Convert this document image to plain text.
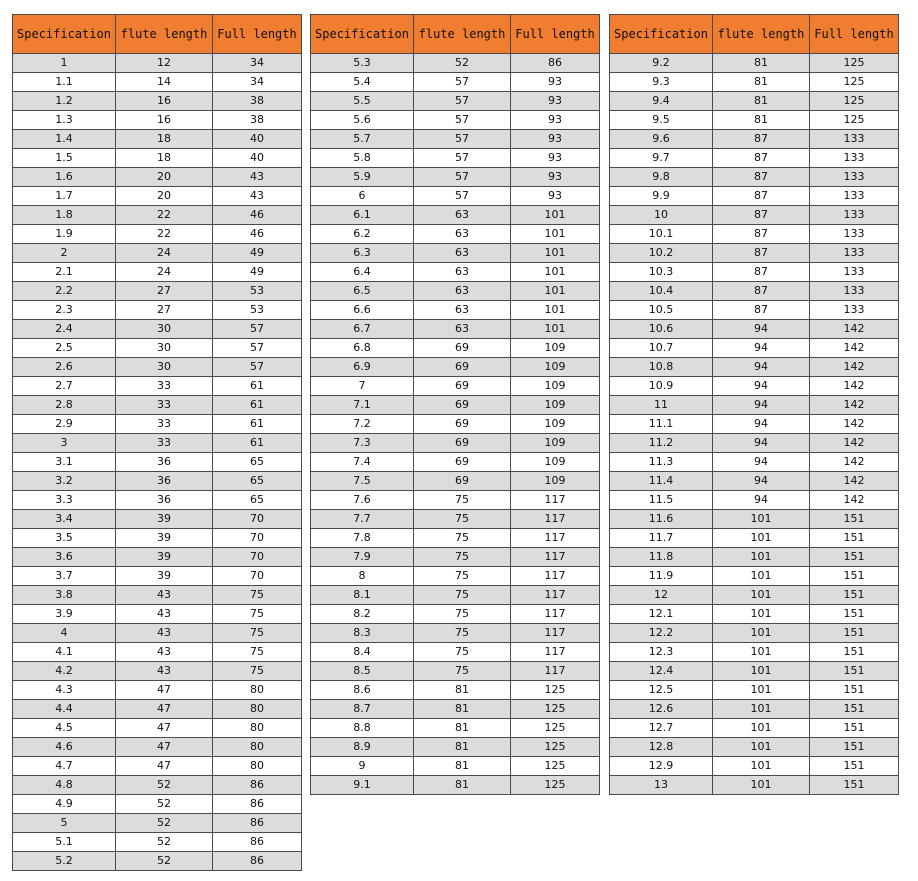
Specification	flute length	Full length
1	12	34
1.1	14	34
1.2	16	38
1.3	16	38
1.4	18	40
1.5	18	40
1.6	20	43
1.7	20	43
1.8	22	46
1.9	22	46
2	24	49
2.1	24	49
2.2	27	53
2.3	27	53
2.4	30	57
2.5	30	57
2.6	30	57
2.7	33	61
2.8	33	61
2.9	33	61
3	33	61
3.1	36	65
3.2	36	65
3.3	36	65
3.4	39	70
3.5	39	70
3.6	39	70
3.7	39	70
3.8	43	75
3.9	43	75
4	43	75
4.1	43	75
4.2	43	75
4.3	47	80
4.4	47	80
4.5	47	80
4.6	47	80
4.7	47	80
4.8	52	86
4.9	52	86
5	52	86
5.1	52	86
5.2	52	86
Specification	flute length	Full length
5.3	52	86
5.4	57	93
5.5	57	93
5.6	57	93
5.7	57	93
5.8	57	93
5.9	57	93
6	57	93
6.1	63	101
6.2	63	101
6.3	63	101
6.4	63	101
6.5	63	101
6.6	63	101
6.7	63	101
6.8	69	109
6.9	69	109
7	69	109
7.1	69	109
7.2	69	109
7.3	69	109
7.4	69	109
7.5	69	109
7.6	75	117
7.7	75	117
7.8	75	117
7.9	75	117
8	75	117
8.1	75	117
8.2	75	117
8.3	75	117
8.4	75	117
8.5	75	117
8.6	81	125
8.7	81	125
8.8	81	125
8.9	81	125
9	81	125
9.1	81	125
Specification	flute length	Full length
9.2	81	125
9.3	81	125
9.4	81	125
9.5	81	125
9.6	87	133
9.7	87	133
9.8	87	133
9.9	87	133
10	87	133
10.1	87	133
10.2	87	133
10.3	87	133
10.4	87	133
10.5	87	133
10.6	94	142
10.7	94	142
10.8	94	142
10.9	94	142
11	94	142
11.1	94	142
11.2	94	142
11.3	94	142
11.4	94	142
11.5	94	142
11.6	101	151
11.7	101	151
11.8	101	151
11.9	101	151
12	101	151
12.1	101	151
12.2	101	151
12.3	101	151
12.4	101	151
12.5	101	151
12.6	101	151
12.7	101	151
12.8	101	151
12.9	101	151
13	101	151
